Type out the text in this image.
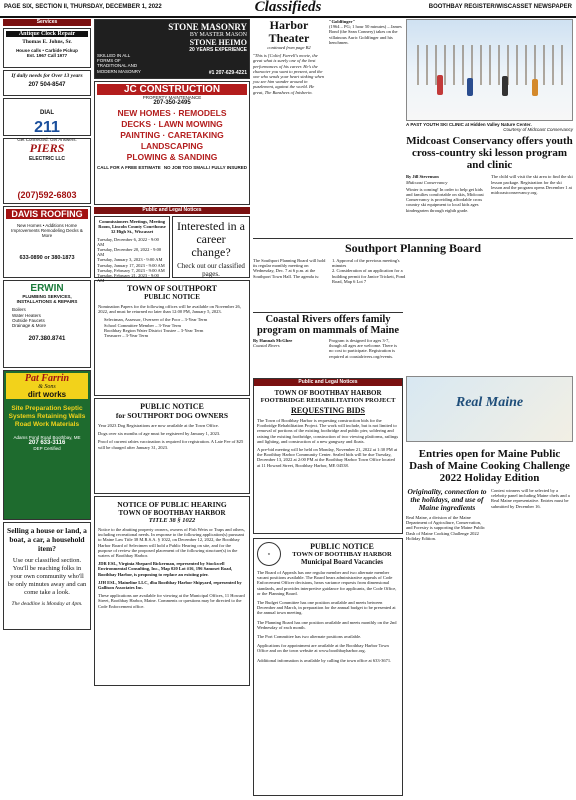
PAGE SIX, SECTION II, THURSDAY, DECEMBER 1, 2022	Classifieds	BOOTHBAY REGISTER/WISCASSET NEWSPAPER
Services
Antique Clock Repair
Thomas E. Johns, Sr.
House calls • Carbide Pickup
Est. 1967 Call 1977
If daily needs for Over 13 years
207 504-8547
DIAL
211
Get Connected. Get Answers.
PIERS
ELECTRIC LLC
(207)592-6803
DAVIS ROOFING
New Homes • Additions Home Improvements Remodeling Decks & More
633-0890 or 380-1873
ERWIN
PLUMBING SERVICES, INSTALLATIONS & REPAIRS
Boilers
Water Heaters
Outside Faucets
Drainage & More
207.380.8741
Pat Farrin
& Sons
dirt works
Site Preparation Septic Systems Retaining Walls Road Work Materials
Adams Pond Road Boothbay, ME
207 633-3116
DEP Certified
Selling a house or land, a boat, a car, a household item?
Use our classified section. You'll be reaching folks in your own community who'll be only minutes away and can come take a look.
The deadline is Monday at 4pm.
STONE MASONRY
BY MASTER MASON
STONE HEIMO
20 YEARS EXPERIENCE
SKILLED IN ALL FORMS OF TRADITIONAL AND MODERN MASONRY	#1 207-629-4221
JC CONSTRUCTION
PROPERTY MAINTENANCE
207-350-2495
NEW HOMES · REMODELS
DECKS · LAWN MOWING
PAINTING · CARETAKING
LANDSCAPING
PLOWING & SANDING
CALL FOR A FREE ESTIMATE NO JOB TOO SMALL! FULLY INSURED
Public and Legal Notices
Commissioners Meetings, Meeting Room, Lincoln County Courthouse 32 High St., Wiscasset
Tuesday, December 6, 2022 - 9:00 AM
Tuesday, December 20, 2022 - 9:00 AM
Tuesday, January 3, 2023 - 9:00 AM
Tuesday, January 17, 2023 - 9:00 AM
Tuesday, February 7, 2023 - 9:00 AM
Tuesday, February 21, 2023 - 9:00 AM
Interested in a career change?
Check out our classified pages.
TOWN OF SOUTHPORT
PUBLIC NOTICE
Nomination Papers for the following offices will be available on November 26, 2022, and must be returned no later than 12:00 PM, January 5, 2023.
Selectman, Assessor, Overseer of the Poor – 3-Year Term
School Committee Member – 3-Year Term
Boothbay Region Water District Trustee – 3-Year Term
Treasurer – 3-Year Term
PUBLIC NOTICE
for SOUTHPORT DOG OWNERS
Year 2023 Dog Registrations are now available at the Town Office.
Dogs over six months of age must be registered by January 1, 2023.
Proof of current rabies vaccination is required for registration. A Late Fee of $25 will be charged after January 31, 2023.
NOTICE OF PUBLIC HEARING
TOWN OF BOOTHBAY HARBOR
TITLE 38 § 1022
Notice to the abutting property owners, owners of Fish Weirs or Traps and others, including recreational needs. In response to the following application(s) pursuant to Maine Law Title 38 M.R.S.A. § 1022, on December 12, 2022, the Boothbay Harbor Board of Selectmen will hold a Public Hearing on site, and for the purpose of review the proposed placement of the following structure(s) in the waters of Boothbay Harbor.
JDR ESL, Virginia Shepard Bickerman, represented by Stockwell Environmental Consulting, Inc., Map 020 Lot #16, 196 Samoset Road, Boothbay Harbor, is proposing to replace an existing pier.
JJH ESL, Maineline LLC, dba Boothbay Harbor Shipyard, represented by Gallison Associates Inc.
These applications are available for viewing at the Municipal Offices, 11 Howard Street, Boothbay Harbor, Maine. Comments or questions may be directed to the Code Enforcement office.
Harbor Theater
continued from page B2
"This is [Colin] Farrell's movie, the great what is surely one of the best performances of his career. He's the character you want to present, and the one who sends your heart sinking when you see him wander around in puzzlement, against the world. He great, The Banshees of Inisherin.
"Goldfinger"
(1964 – PG; 1 hour 50 minutes) – James Bond (the Sean Connery) takes on the villainous Auric Goldfinger and his henchmen.
A PAST YOUTH SKI CLINIC at Hidden Valley Nature Center.
Courtesy of Midcoast Conservancy
Midcoast Conservancy offers youth cross-country ski lesson program and clinic
By Jill Stevenson
Midcoast Conservancy
Winter is coming! In order to help get kids and families comfortable on skis, Midcoast Conservancy is providing affordable cross country ski equipment to local kids ages kindergarten through eighth grade.
The child will visit the ski area to find the ski lesson package. Registration for the ski lesson and the program opens December 1 at midcoastconservancy.org.
Southport Planning Board
The Southport Planning Board will hold its regular monthly meeting on Wednesday, Dec. 7 at 6 p.m. at the Southport Town Hall. The agenda is:
1. Approval of the previous meeting's minutes
2. Consideration of an application for a building permit for Janice Trickett, Pond Road, Map 6 Lot 7
Coastal Rivers offers family program on mammals of Maine
By Hannah McGhee
Coastal Rivers
Program is designed for ages 3-7, though all ages are welcome. There is no cost to participate. Registration is required at coastalrivers.org/events.
Public and Legal Notices
TOWN OF BOOTHBAY HARBOR
FOOTBRIDGE REHABILITATION PROJECT
REQUESTING BIDS
The Town of Boothbay Harbor is requesting construction bids for the Footbridge Rehabilitation Project. The work will include, but is not limited to removal of portions of the existing footbridge and public pier, soldering and raising the existing footbridge, construction of two viewing platforms, railings and lighting, and construction of a new gangway and floats.
A pre-bid meeting will be held on Monday, November 21, 2022 at 1:30 PM at the Boothbay Harbor Community Center. Sealed bids will be due Tuesday, December 13, 2022 at 2:00 PM at the Boothbay Harbor Town Office located at 11 Howard Street, Boothbay Harbor, ME 04538.
★
PUBLIC NOTICE
TOWN OF BOOTHBAY HARBOR
Municipal Board Vacancies
The Board of Appeals has one regular member and two alternate member vacant positions available. The Board hears administrative appeals of Code Enforcement Officer decisions, hears variance requests from dimensional standards, and provides interpretive guidance for applicants, the Code Office, or the Planning Board.
The Budget Committee has one position available and meets between December and March, in preparation for the annual budget to be presented at the annual town meeting.
The Planning Board has one position available and meets monthly on the 2nd Wednesday of each month.
The Port Committee has two alternate positions available.
Applications for appointment are available at the Boothbay Harbor Town Office and on the town website at www.boothbayharbor.org.
Additional information is available by calling the town office at 633-3671.
Real Maine
Entries open for Maine Public Dash of Maine Cooking Challenge 2022 Holiday Edition
Originality, connection to the holidays, and use of Maine ingredients
Real Maine, a division of the Maine Department of Agriculture, Conservation, and Forestry is supporting the Maine Public Dash of Maine Cooking Challenge 2022 Holiday Edition.
Contest winners will be selected by a celebrity panel including Maine chefs and a Real Maine representative. Entries must be submitted by December 16.
